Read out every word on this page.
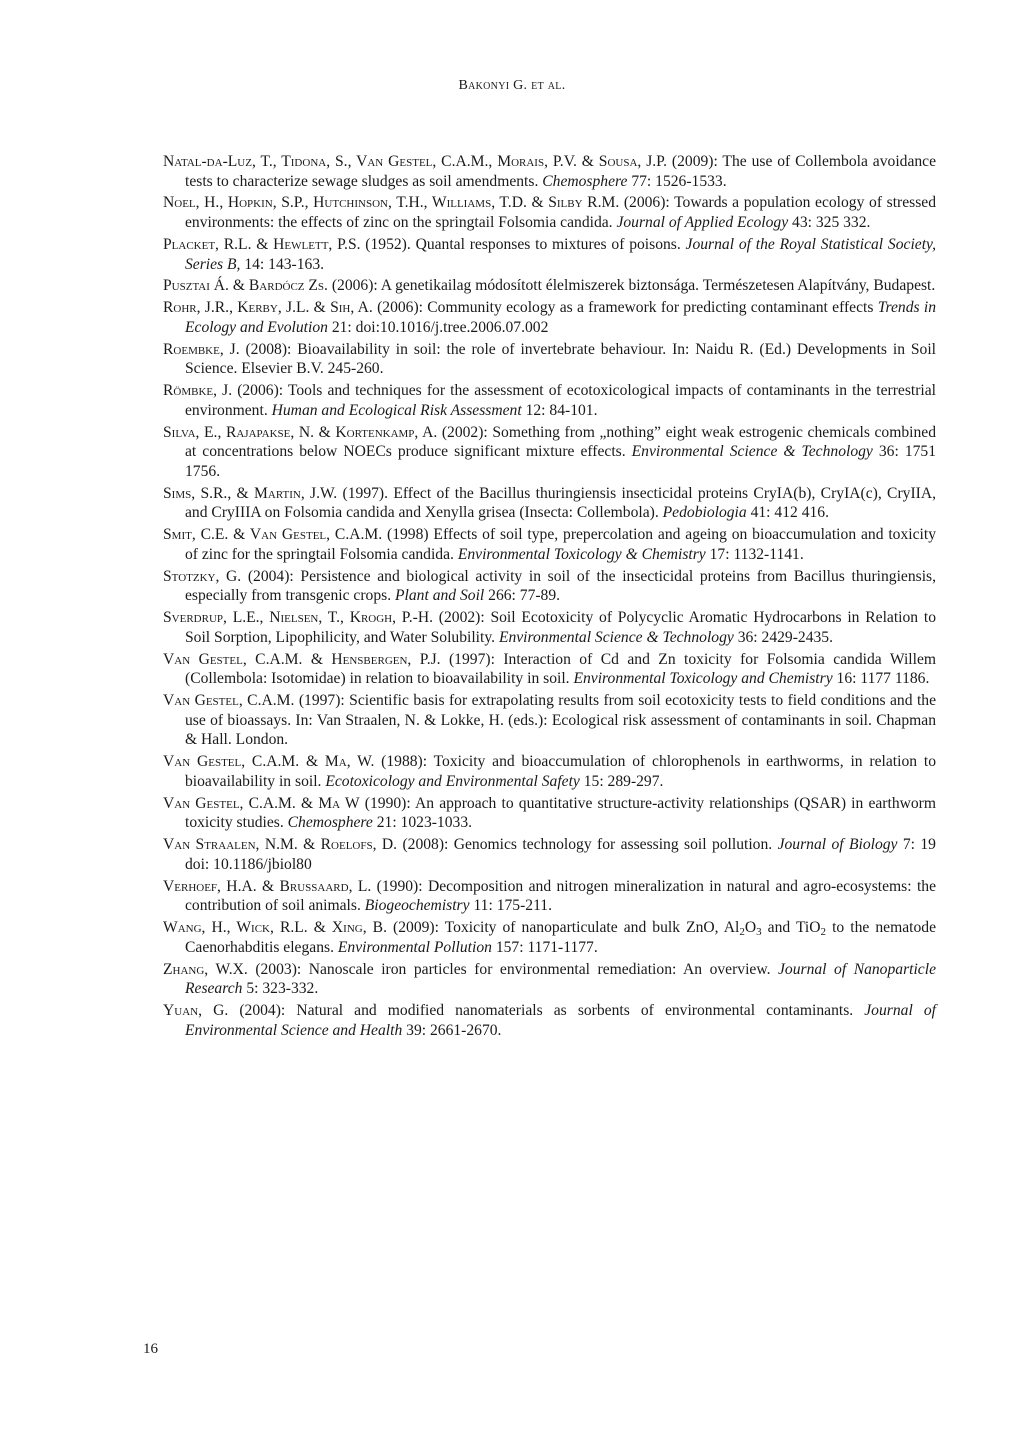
Bakonyi G. et al.

Natal-da-Luz, T., Tidona, S., Van Gestel, C.A.M., Morais, P.V. & Sousa, J.P. (2009): The use of Collembola avoidance tests to characterize sewage sludges as soil amendments. Chemosphere 77: 1526-1533.

Noel, H., Hopkin, S.P., Hutchinson, T.H., Williams, T.D. & Silby R.M. (2006): Towards a population ecology of stressed environments: the effects of zinc on the springtail Folsomia candida. Journal of Applied Ecology 43: 325 332.

Placket, R.L. & Hewlett, P.S. (1952). Quantal responses to mixtures of poisons. Journal of the Royal Statistical Society, Series B, 14: 143-163.

Pusztai Á. & Bardócz Zs. (2006): A genetikailag módosított élelmiszerek biztonsága. Természetesen Alapítvány, Budapest.

Rohr, J.R., Kerby, J.L. & Sih, A. (2006): Community ecology as a framework for predicting contaminant effects Trends in Ecology and Evolution 21: doi:10.1016/j.tree.2006.07.002

Roembke, J. (2008): Bioavailability in soil: the role of invertebrate behaviour. In: Naidu R. (Ed.) Developments in Soil Science. Elsevier B.V. 245-260.

Römbke, J. (2006): Tools and techniques for the assessment of ecotoxicological impacts of contaminants in the terrestrial environment. Human and Ecological Risk Assessment 12: 84-101.

Silva, E., Rajapakse, N. & Kortenkamp, A. (2002): Something from „nothing” eight weak estrogenic chemicals combined at concentrations below NOECs produce significant mixture effects. Environmental Science & Technology 36: 1751 1756.

Sims, S.R., & Martin, J.W. (1997). Effect of the Bacillus thuringiensis insecticidal proteins CryIA(b), CryIA(c), CryIIA, and CryIIIA on Folsomia candida and Xenylla grisea (Insecta: Collembola). Pedobiologia 41: 412 416.

Smit, C.E. & Van Gestel, C.A.M. (1998) Effects of soil type, prepercolation and ageing on bioaccumulation and toxicity of zinc for the springtail Folsomia candida. Environmental Toxicology & Chemistry 17: 1132-1141.

Stotzky, G. (2004): Persistence and biological activity in soil of the insecticidal proteins from Bacillus thuringiensis, especially from transgenic crops. Plant and Soil 266: 77-89.

Sverdrup, L.E., Nielsen, T., Krogh, P.-H. (2002): Soil Ecotoxicity of Polycyclic Aromatic Hydrocarbons in Relation to Soil Sorption, Lipophilicity, and Water Solubility. Environmental Science & Technology 36: 2429-2435.

Van Gestel, C.A.M. & Hensbergen, P.J. (1997): Interaction of Cd and Zn toxicity for Folsomia candida Willem (Collembola: Isotomidae) in relation to bioavailability in soil. Environmental Toxicology and Chemistry 16: 1177 1186.

Van Gestel, C.A.M. (1997): Scientific basis for extrapolating results from soil ecotoxicity tests to field conditions and the use of bioassays. In: Van Straalen, N. & Lokke, H. (eds.): Ecological risk assessment of contaminants in soil. Chapman & Hall. London.

Van Gestel, C.A.M. & Ma, W. (1988): Toxicity and bioaccumulation of chlorophenols in earthworms, in relation to bioavailability in soil. Ecotoxicology and Environmental Safety 15: 289-297.

Van Gestel, C.A.M. & Ma W (1990): An approach to quantitative structure-activity relationships (QSAR) in earthworm toxicity studies. Chemosphere 21: 1023-1033.

Van Straalen, N.M. & Roelofs, D. (2008): Genomics technology for assessing soil pollution. Journal of Biology 7: 19 doi: 10.1186/jbiol80

Verhoef, H.A. & Brussaard, L. (1990): Decomposition and nitrogen mineralization in natural and agro-ecosystems: the contribution of soil animals. Biogeochemistry 11: 175-211.

Wang, H., Wick, R.L. & Xing, B. (2009): Toxicity of nanoparticulate and bulk ZnO, $Al_2O_3$ and TiO$_2$ to the nematode Caenorhabditis elegans. Environmental Pollution 157: 1171-1177.

Zhang, W.X. (2003): Nanoscale iron particles for environmental remediation: An overview. Journal of Nanoparticle Research 5: 323-332.

Yuan, G. (2004): Natural and modified nanomaterials as sorbents of environmental contaminants. Journal of Environmental Science and Health 39: 2661-2670.

16
